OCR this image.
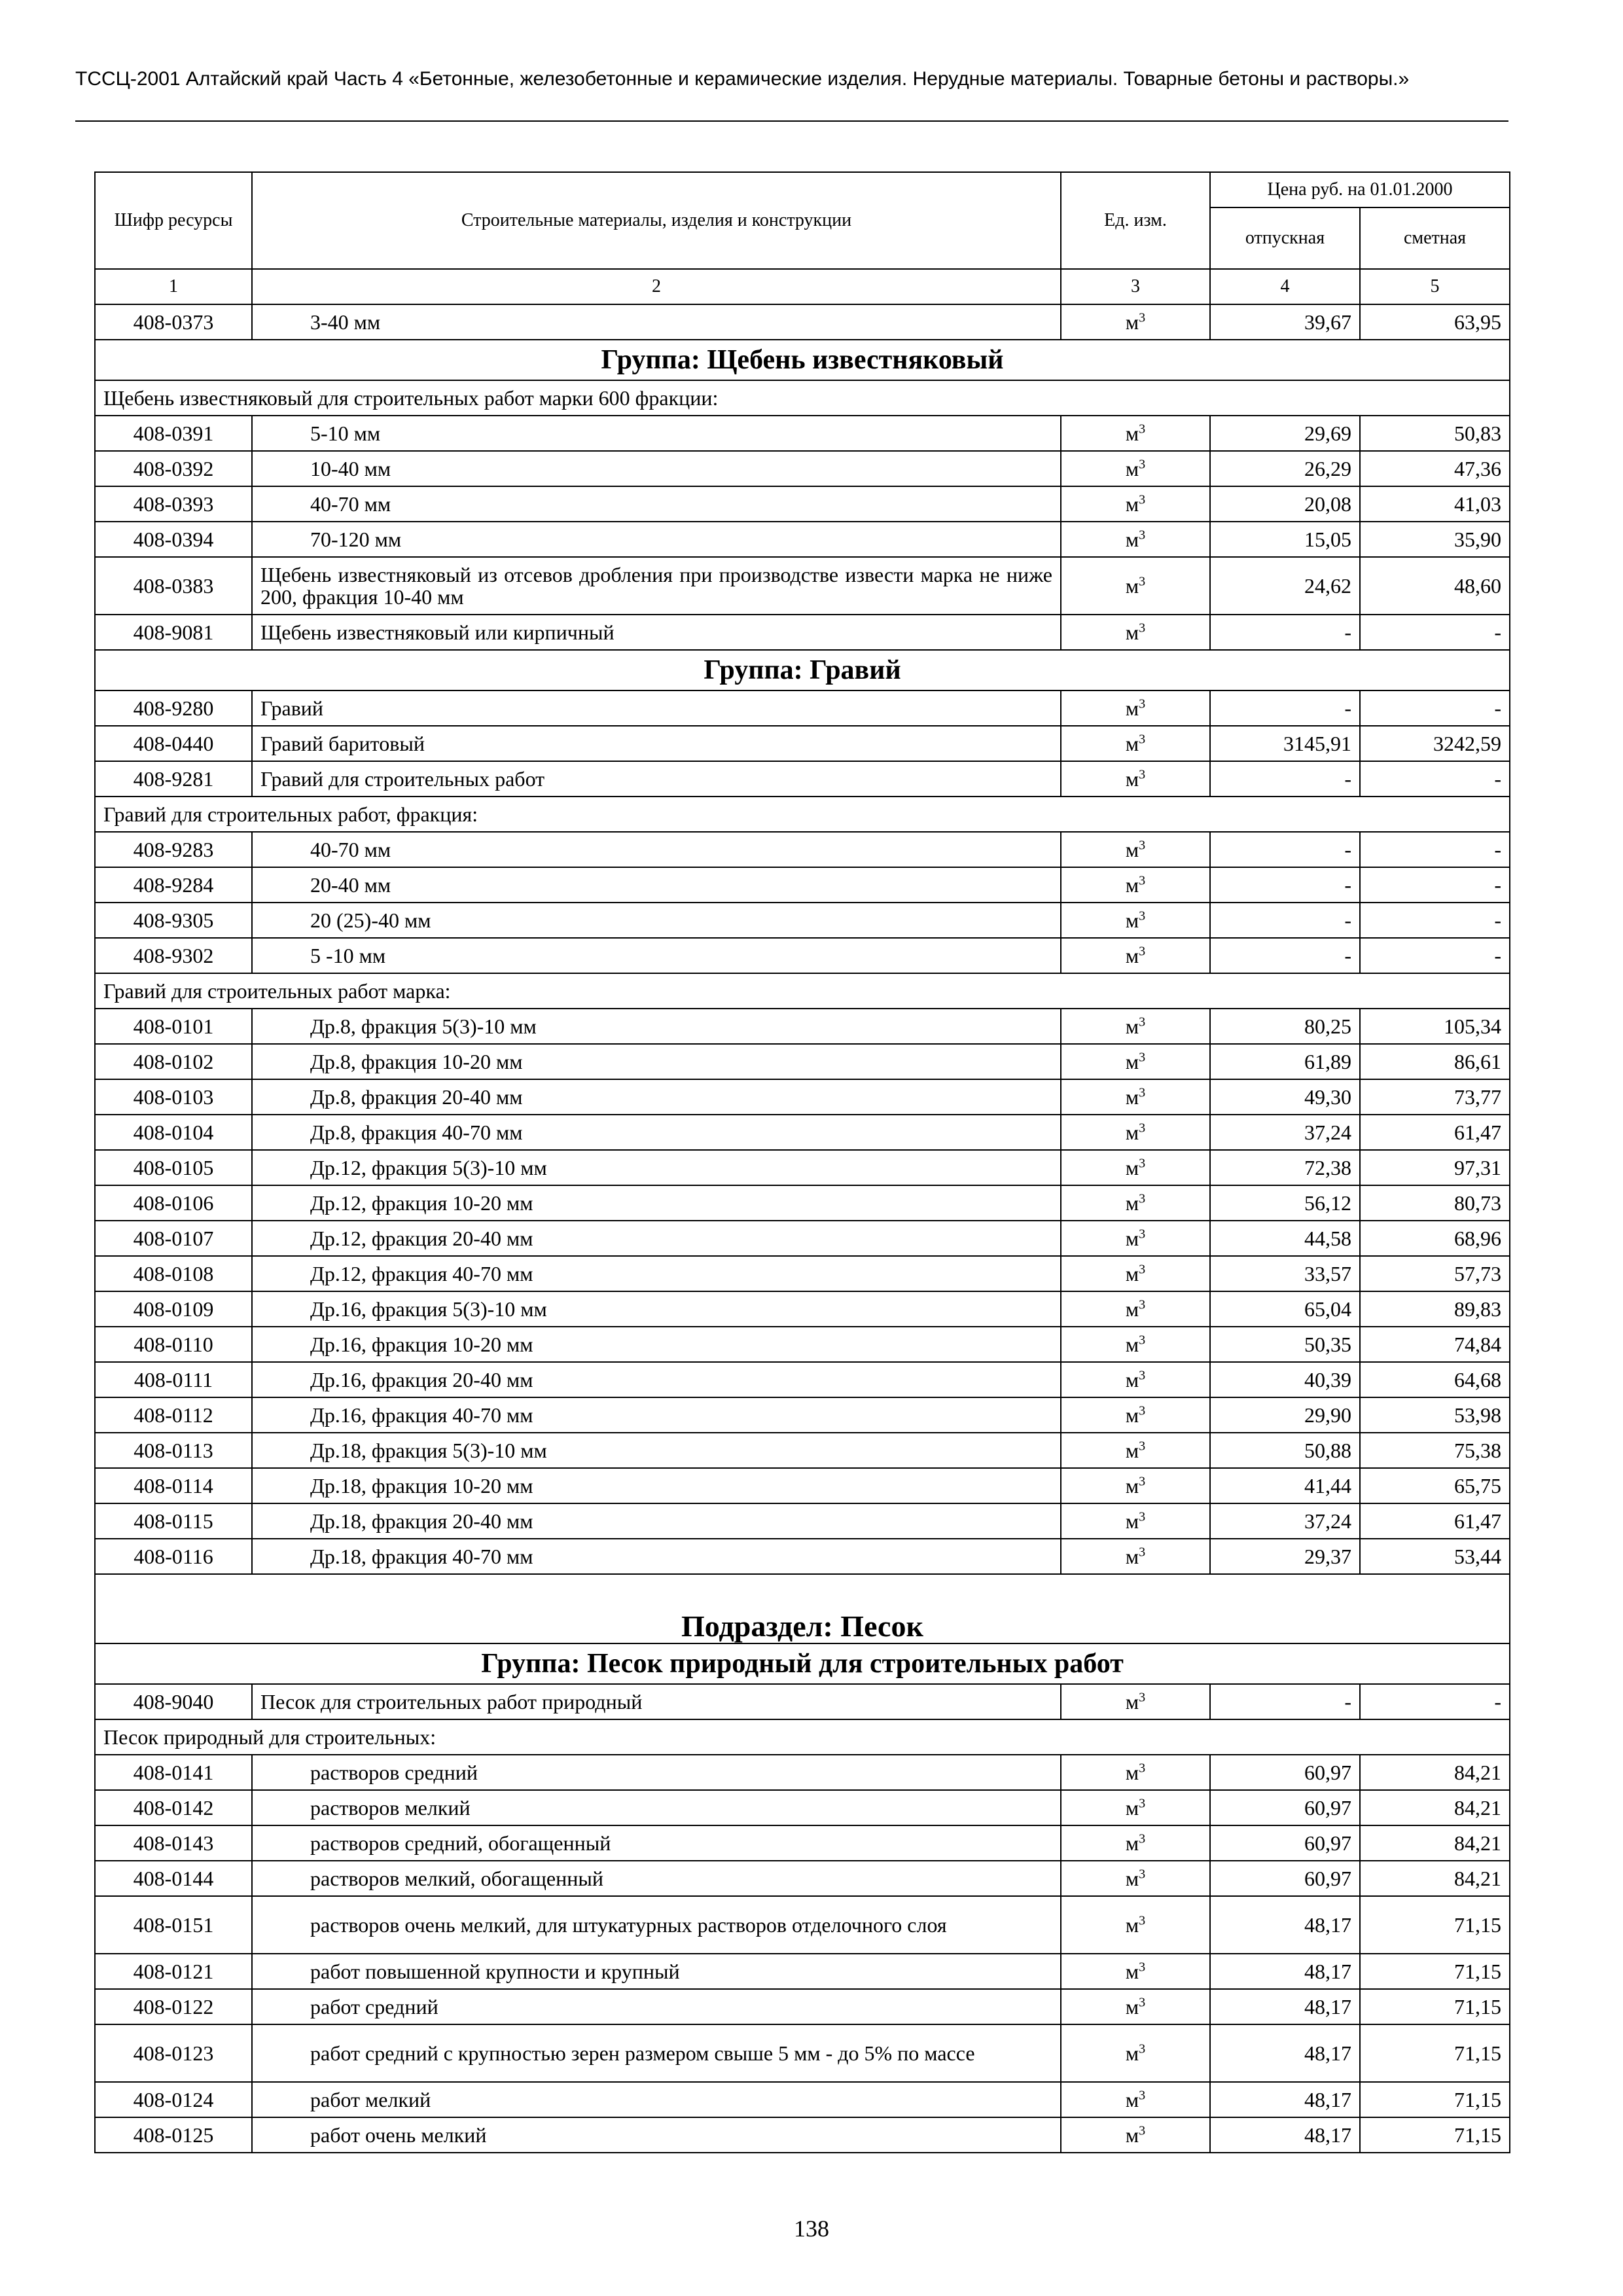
ТССЦ-2001 Алтайский край Часть 4 «Бетонные, железобетонные и керамические изделия. Нерудные материалы. Товарные бетоны и растворы.»
Шифр ресурсы	Строительные материалы, изделия и конструкции	Ед. изм.	Цена руб. на 01.01.2000	
			отпускная	сметная
1	2	3	4	5
408-0373	3-40 мм	$м^3$	39,67	63,95
Группа: Щебень известняковый				
Щебень известняковый для строительных работ марки 600 фракции:				
408-0391	5-10 мм	$м^3$	29,69	50,83
408-0392	10-40 мм	$м^3$	26,29	47,36
408-0393	40-70 мм	$м^3$	20,08	41,03
408-0394	70-120 мм	$м^3$	15,05	35,90
408-0383	Щебень известняковый из отсевов дробления при производстве извести марка не ниже 200, фракция 10-40 мм	$м^3$	24,62	48,60
408-9081	Щебень известняковый или кирпичный	$м^3$	-	-
Группа: Гравий				
408-9280	Гравий	$м^3$	-	-
408-0440	Гравий баритовый	$м^3$	3145,91	3242,59
408-9281	Гравий для строительных работ	$м^3$	-	-
Гравий для строительных работ, фракция:				
408-9283	40-70 мм	$м^3$	-	-
408-9284	20-40 мм	$м^3$	-	-
408-9305	20 (25)-40 мм	$м^3$	-	-
408-9302	5 -10 мм	$м^3$	-	-
Гравий для строительных работ марка:				
408-0101	Др.8, фракция 5(3)-10 мм	$м^3$	80,25	105,34
408-0102	Др.8, фракция 10-20 мм	$м^3$	61,89	86,61
408-0103	Др.8, фракция 20-40 мм	$м^3$	49,30	73,77
408-0104	Др.8, фракция 40-70 мм	$м^3$	37,24	61,47
408-0105	Др.12, фракция 5(3)-10 мм	$м^3$	72,38	97,31
408-0106	Др.12, фракция 10-20 мм	$м^3$	56,12	80,73
408-0107	Др.12, фракция 20-40 мм	$м^3$	44,58	68,96
408-0108	Др.12, фракция 40-70 мм	$м^3$	33,57	57,73
408-0109	Др.16, фракция 5(3)-10 мм	$м^3$	65,04	89,83
408-0110	Др.16, фракция 10-20 мм	$м^3$	50,35	74,84
408-0111	Др.16, фракция 20-40 мм	$м^3$	40,39	64,68
408-0112	Др.16, фракция 40-70 мм	$м^3$	29,90	53,98
408-0113	Др.18, фракция 5(3)-10 мм	$м^3$	50,88	75,38
408-0114	Др.18, фракция 10-20 мм	$м^3$	41,44	65,75
408-0115	Др.18, фракция 20-40 мм	$м^3$	37,24	61,47
408-0116	Др.18, фракция 40-70 мм	$м^3$	29,37	53,44
Подраздел: Песок				
Группа: Песок природный для строительных работ				
408-9040	Песок для строительных работ природный	$м^3$	-	-
Песок природный для строительных:				
408-0141	растворов средний	$м^3$	60,97	84,21
408-0142	растворов мелкий	$м^3$	60,97	84,21
408-0143	растворов средний, обогащенный	$м^3$	60,97	84,21
408-0144	растворов мелкий, обогащенный	$м^3$	60,97	84,21
408-0151	растворов очень мелкий, для штукатурных растворов отделочного слоя	$м^3$	48,17	71,15
408-0121	работ повышенной крупности и крупный	$м^3$	48,17	71,15
408-0122	работ средний	$м^3$	48,17	71,15
408-0123	работ средний с крупностью зерен размером свыше 5 мм - до 5% по массе	$м^3$	48,17	71,15
408-0124	работ мелкий	$м^3$	48,17	71,15
408-0125	работ очень мелкий	$м^3$	48,17	71,15
138
